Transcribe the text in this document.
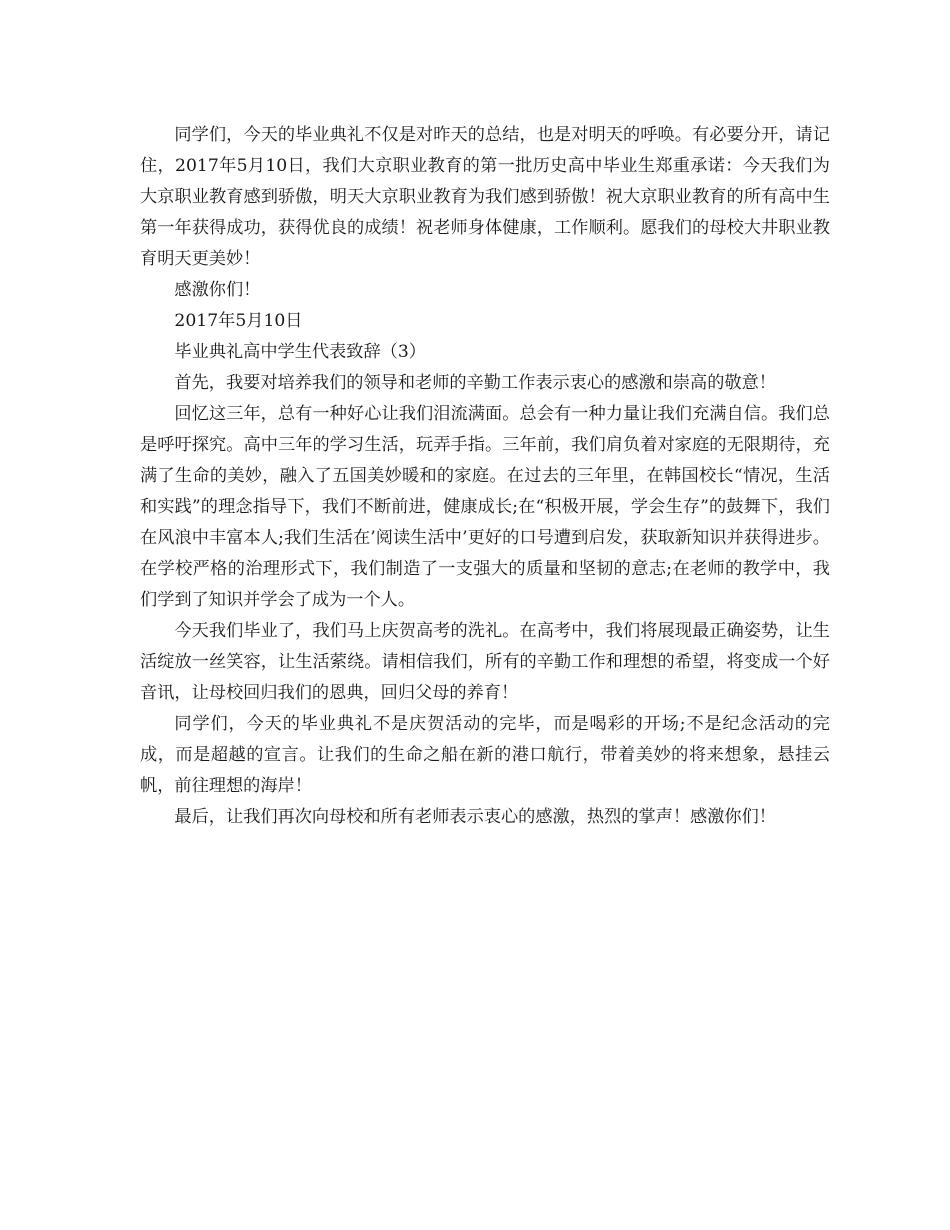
同学们，今天的毕业典礼不仅是对昨天的总结，也是对明天的呼唤。有必要分开，请记住，2017年5月10日，我们大京职业教育的第一批历史高中毕业生郑重承诺：今天我们为大京职业教育感到骄傲，明天大京职业教育为我们感到骄傲！祝大京职业教育的所有高中生第一年获得成功，获得优良的成绩！祝老师身体健康，工作顺利。愿我们的母校大井职业教育明天更美妙！

感激你们！

2017年5月10日

毕业典礼高中学生代表致辞（3）

首先，我要对培养我们的领导和老师的辛勤工作表示衷心的感激和崇高的敬意！

回忆这三年，总有一种好心让我们泪流满面。总会有一种力量让我们充满自信。我们总是呼吁探究。高中三年的学习生活，玩弄手指。三年前，我们肩负着对家庭的无限期待，充满了生命的美妙，融入了五国美妙暖和的家庭。在过去的三年里，在韩国校长“情况，生活和实践”的理念指导下，我们不断前进，健康成长;在“积极开展，学会生存”的鼓舞下，我们在风浪中丰富本人;我们生活在’阅读生活中’更好的口号遭到启发，获取新知识并获得进步。在学校严格的治理形式下，我们制造了一支强大的质量和坚韧的意志;在老师的教学中，我们学到了知识并学会了成为一个人。

今天我们毕业了，我们马上庆贺高考的洗礼。在高考中，我们将展现最正确姿势，让生活绽放一丝笑容，让生活萦绕。请相信我们，所有的辛勤工作和理想的希望，将变成一个好音讯，让母校回归我们的恩典，回归父母的养育！

同学们，今天的毕业典礼不是庆贺活动的完毕，而是喝彩的开场;不是纪念活动的完成，而是超越的宣言。让我们的生命之船在新的港口航行，带着美妙的将来想象，悬挂云帆，前往理想的海岸！

最后，让我们再次向母校和所有老师表示衷心的感激，热烈的掌声！感激你们！
